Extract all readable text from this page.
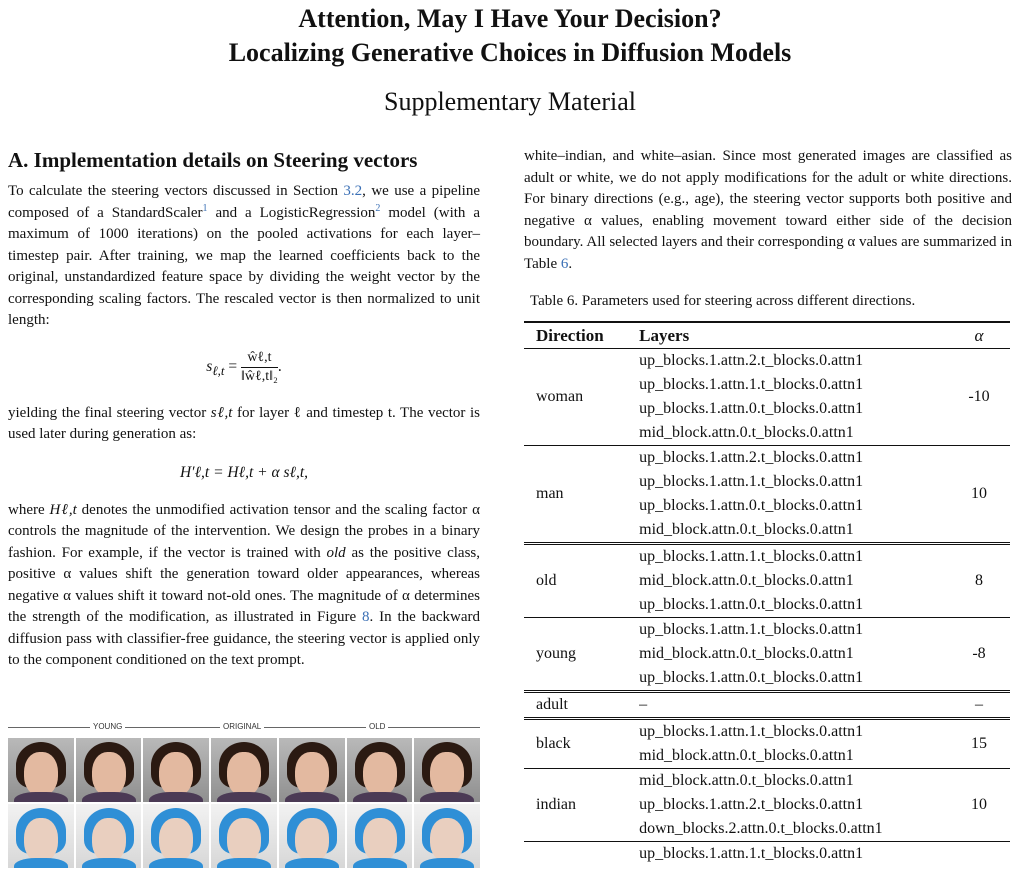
Attention, May I Have Your Decision?
Localizing Generative Choices in Diffusion Models
Supplementary Material
A. Implementation details on Steering vectors

To calculate the steering vectors discussed in Section 3.2, we use a pipeline composed of a StandardScaler$^1$ and a LogisticRegression$^2$ model (with a maximum of 1000 iterations) on the pooled activations for each layer–timestep pair. After training, we map the learned coefficients back to the original, unstandardized feature space by dividing the weight vector by the corresponding scaling factors. The rescaled vector is then normalized to unit length:

$s_{\ell,t} = \frac{\text{ŵℓ,t}}{\text{‖ŵℓ,t‖₂}}$ .

yielding the final steering vector sℓ,t for layer ℓ and timestep t. The vector is used later during generation as:

H′ℓ,t = Hℓ,t + α sℓ,t,

where Hℓ,t denotes the unmodified activation tensor and the scaling factor α controls the magnitude of the intervention. We design the probes in a binary fashion. For example, if the vector is trained with old as the positive class, positive α values shift the generation toward older appearances, whereas negative α values shift it toward not-old ones. The magnitude of α determines the strength of the modification, as illustrated in Figure 8. In the backward diffusion pass with classifier-free guidance, the steering vector is applied only to the component conditioned on the text prompt.

YOUNG	ORIGINAL	OLD

white–indian, and white–asian. Since most generated images are classified as adult or white, we do not apply modifications for the adult or white directions. For binary directions (e.g., age), the steering vector supports both positive and negative α values, enabling movement toward either side of the decision boundary. All selected layers and their corresponding α values are summarized in Table 6.

Table 6. Parameters used for steering across different directions.
Direction	Layers	α
woman	up_blocks.1.attn.2.t_blocks.0.attn1
up_blocks.1.attn.1.t_blocks.0.attn1
up_blocks.1.attn.0.t_blocks.0.attn1
mid_block.attn.0.t_blocks.0.attn1	-10
man	up_blocks.1.attn.2.t_blocks.0.attn1
up_blocks.1.attn.1.t_blocks.0.attn1
up_blocks.1.attn.0.t_blocks.0.attn1
mid_block.attn.0.t_blocks.0.attn1	10
old	up_blocks.1.attn.1.t_blocks.0.attn1
mid_block.attn.0.t_blocks.0.attn1
up_blocks.1.attn.0.t_blocks.0.attn1	8
young	up_blocks.1.attn.1.t_blocks.0.attn1
mid_block.attn.0.t_blocks.0.attn1
up_blocks.1.attn.0.t_blocks.0.attn1	-8
adult	–	–
black	up_blocks.1.attn.1.t_blocks.0.attn1
mid_block.attn.0.t_blocks.0.attn1	15
indian	mid_block.attn.0.t_blocks.0.attn1
up_blocks.1.attn.2.t_blocks.0.attn1
down_blocks.2.attn.0.t_blocks.0.attn1	10

	up_blocks.1.attn.1.t_blocks.0.attn1	
